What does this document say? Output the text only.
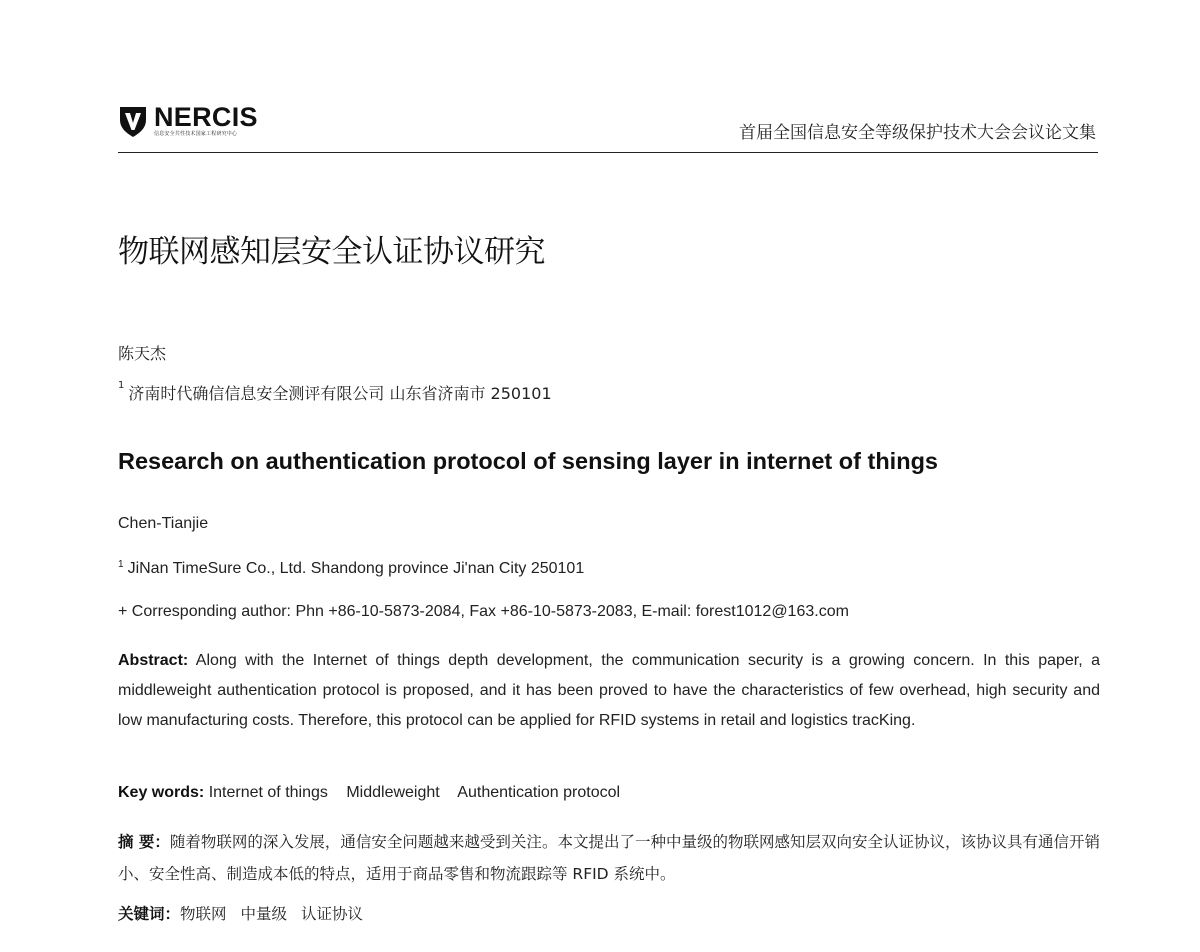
NERCIS
信息安全共性技术国家工程研究中心	首届全国信息安全等级保护技术大会会议论文集
物联网感知层安全认证协议研究
陈天杰
$^1$ 济南时代确信信息安全测评有限公司 山东省济南市 250101
Research on authentication protocol of sensing layer in internet of things
Chen-Tianjie
$^1$ JiNan TimeSure Co., Ltd. Shandong province Ji'nan City 250101
+ Corresponding author: Phn +86-10-5873-2084, Fax +86-10-5873-2083, E-mail: forest1012@163.com
Abstract: Along with the Internet of things depth development, the communication security is a growing concern. In this paper, a middleweight authentication protocol is proposed, and it has been proved to have the characteristics of few overhead, high security and low manufacturing costs. Therefore, this protocol can be applied for RFID systems in retail and logistics tracKing.
Key words: Internet of things Middleweight Authentication protocol
摘 要：随着物联网的深入发展，通信安全问题越来越受到关注。本文提出了一种中量级的物联网感知层双向安全认证协议，该协议具有通信开销小、安全性高、制造成本低的特点，适用于商品零售和物流跟踪等 RFID 系统中。
关键词：物联网 中量级 认证协议
